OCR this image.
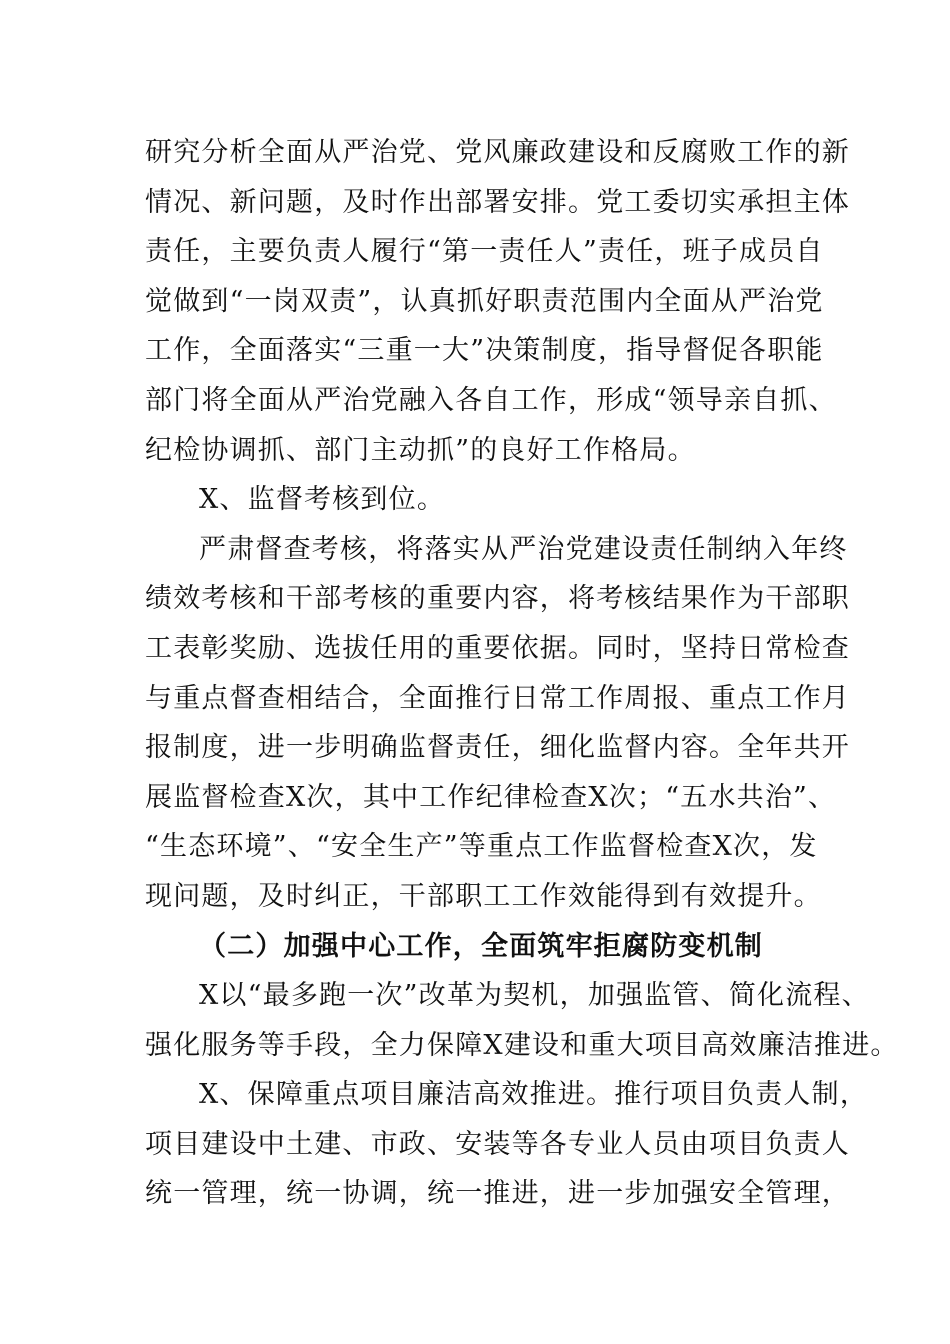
研究分析全面从严治党、党风廉政建设和反腐败工作的新
情况、新问题，及时作出部署安排。党工委切实承担主体
责任，主要负责人履行“第一责任人”责任，班子成员自
觉做到“一岗双责”，认真抓好职责范围内全面从严治党
工作，全面落实“三重一大”决策制度，指导督促各职能
部门将全面从严治党融入各自工作，形成“领导亲自抓、
纪检协调抓、部门主动抓”的良好工作格局。
X、监督考核到位。
严肃督查考核，将落实从严治党建设责任制纳入年终
绩效考核和干部考核的重要内容，将考核结果作为干部职
工表彰奖励、选拔任用的重要依据。同时，坚持日常检查
与重点督查相结合，全面推行日常工作周报、重点工作月
报制度，进一步明确监督责任，细化监督内容。全年共开
展监督检查X次，其中工作纪律检查X次；“五水共治”、
“生态环境”、“安全生产”等重点工作监督检查X次，发
现问题，及时纠正，干部职工工作效能得到有效提升。
（二）加强中心工作，全面筑牢拒腐防变机制
X以“最多跑一次”改革为契机，加强监管、简化流程、
强化服务等手段，全力保障X建设和重大项目高效廉洁推进。
X、保障重点项目廉洁高效推进。推行项目负责人制，
项目建设中土建、市政、安装等各专业人员由项目负责人
统一管理，统一协调，统一推进，进一步加强安全管理，
